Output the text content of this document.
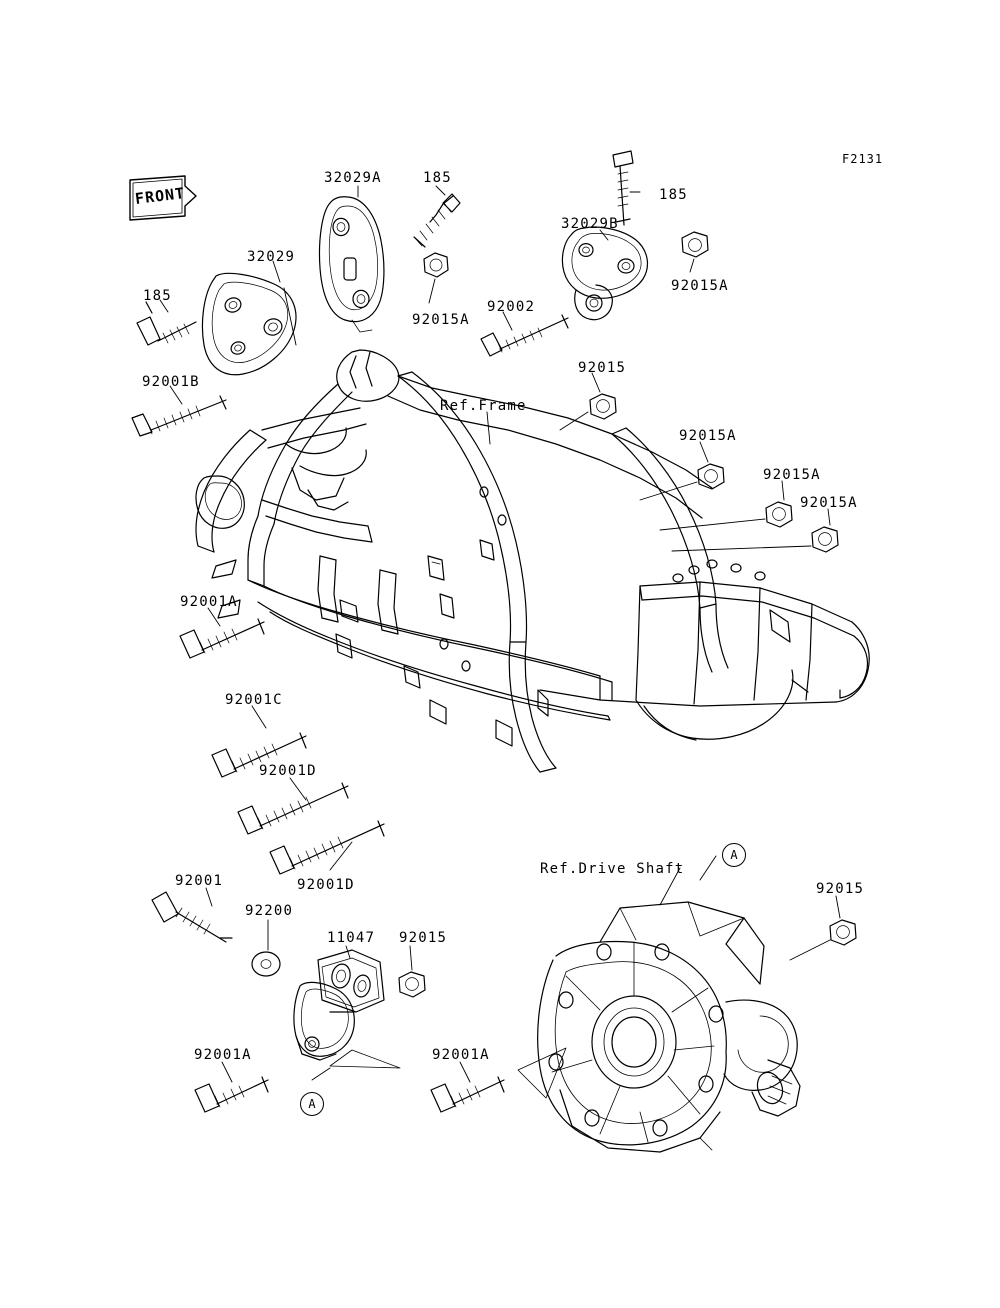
FRONT
F2131
Ref.Frame
Ref.Drive Shaft
A
A
32029A	185
185
32029B
32029
92015A
92015A
92002
185
92001B
92015
92015A
92015A
92015A
92001A
92001C
92001D
92001D
92001
92200
11047 92015
92015
92001A	92001A
